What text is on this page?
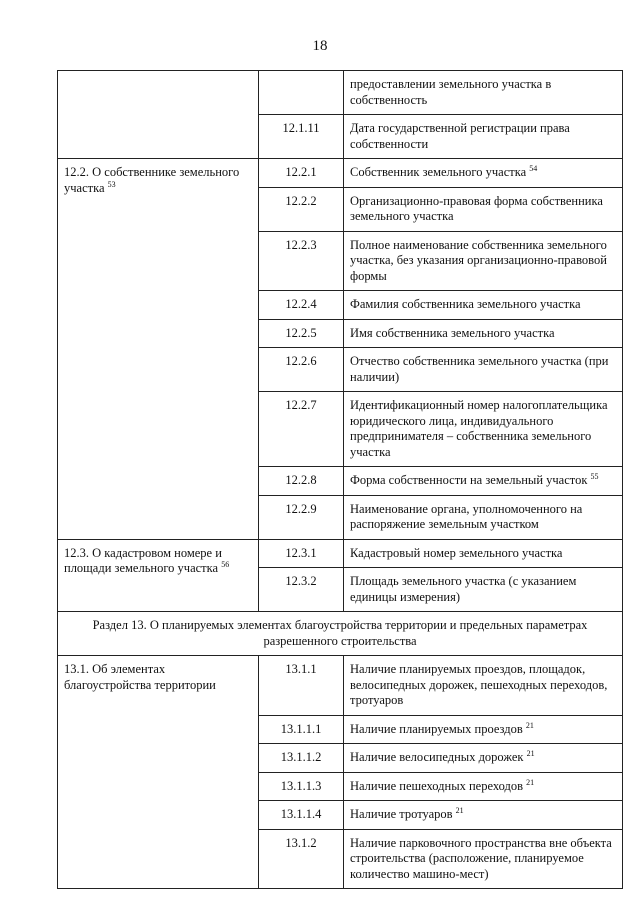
18
		предоставлении земельного участка в собственность
	12.1.11	Дата государственной регистрации права собственности
12.2. О собственнике земельного участка $^{53}$	12.2.1	Собственник земельного участка $^{54}$
	12.2.2	Организационно-правовая форма собственника земельного участка
	12.2.3	Полное наименование собственника земельного участка, без указания организационно-правовой формы
	12.2.4	Фамилия собственника земельного участка
	12.2.5	Имя собственника земельного участка
	12.2.6	Отчество собственника земельного участка (при наличии)
	12.2.7	Идентификационный номер налогоплательщика юридического лица, индивидуального предпринимателя – собственника земельного участка
	12.2.8	Форма собственности на земельный участок $^{55}$
	12.2.9	Наименование органа, уполномоченного на распоряжение земельным участком
12.3. О кадастровом номере и площади земельного участка $^{56}$	12.3.1	Кадастровый номер земельного участка
	12.3.2	Площадь земельного участка (с указанием единицы измерения)
Раздел 13. О планируемых элементах благоустройства территории и предельных параметрах разрешенного строительства		
13.1. Об элементах благоустройства территории	13.1.1	Наличие планируемых проездов, площадок, велосипедных дорожек, пешеходных переходов, тротуаров
	13.1.1.1	Наличие планируемых проездов $^{21}$
	13.1.1.2	Наличие велосипедных дорожек $^{21}$
	13.1.1.3	Наличие пешеходных переходов $^{21}$
	13.1.1.4	Наличие тротуаров $^{21}$
	13.1.2	Наличие парковочного пространства вне объекта строительства (расположение, планируемое количество машино-мест)
